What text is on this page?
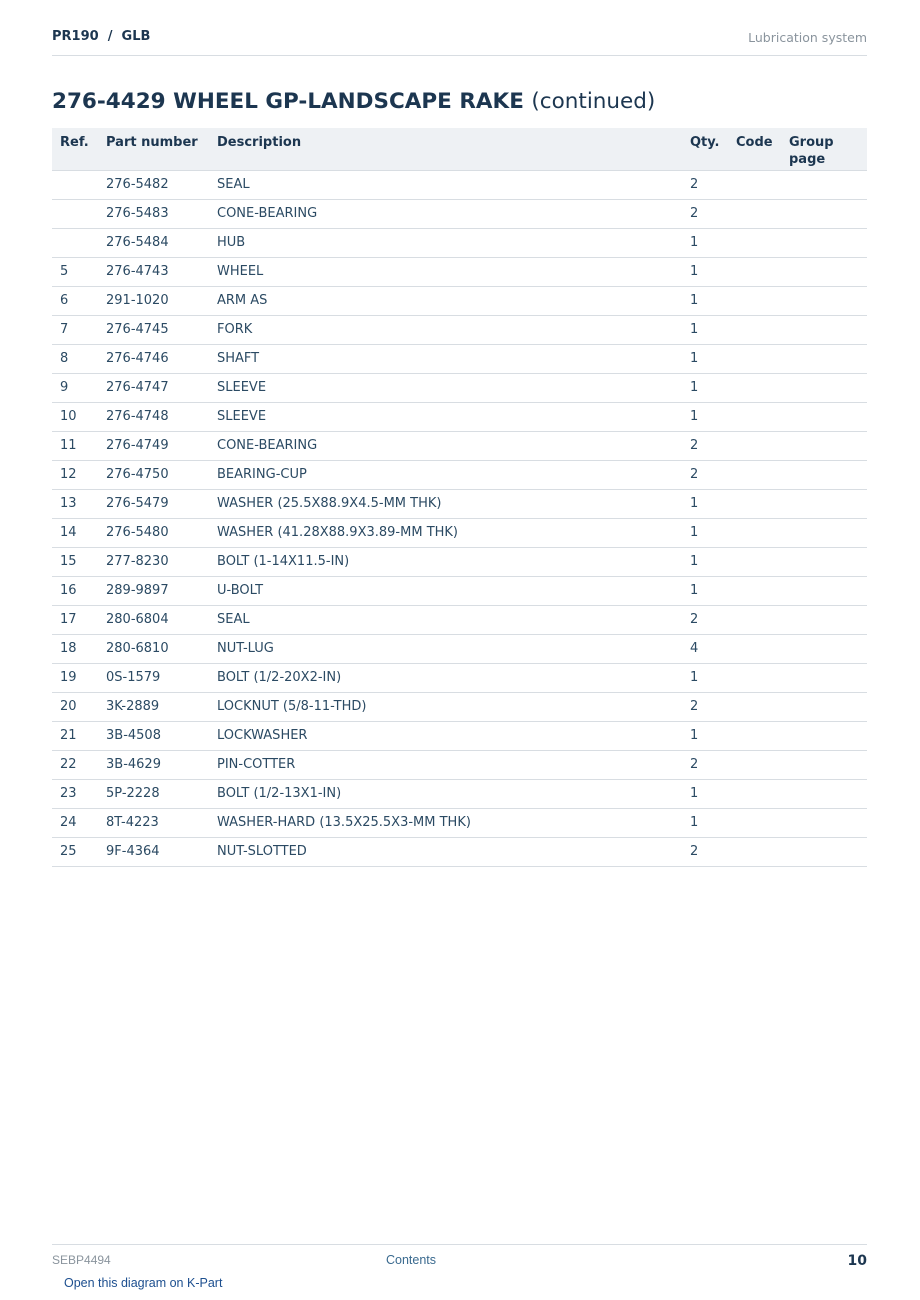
PR190  /  GLB	Lubrication system
276-4429 WHEEL GP-LANDSCAPE RAKE (continued)
Ref.	Part number	Description	Qty.	Code	Group page
	276-5482	SEAL	2		
	276-5483	CONE-BEARING	2		
	276-5484	HUB	1		
5	276-4743	WHEEL	1		
6	291-1020	ARM AS	1		
7	276-4745	FORK	1		
8	276-4746	SHAFT	1		
9	276-4747	SLEEVE	1		
10	276-4748	SLEEVE	1		
11	276-4749	CONE-BEARING	2		
12	276-4750	BEARING-CUP	2		
13	276-5479	WASHER (25.5X88.9X4.5-MM THK)	1		
14	276-5480	WASHER (41.28X88.9X3.89-MM THK)	1		
15	277-8230	BOLT (1-14X11.5-IN)	1		
16	289-9897	U-BOLT	1		
17	280-6804	SEAL	2		
18	280-6810	NUT-LUG	4		
19	0S-1579	BOLT (1/2-20X2-IN)	1		
20	3K-2889	LOCKNUT (5/8-11-THD)	2		
21	3B-4508	LOCKWASHER	1		
22	3B-4629	PIN-COTTER	2		
23	5P-2228	BOLT (1/2-13X1-IN)	1		
24	8T-4223	WASHER-HARD (13.5X25.5X3-MM THK)	1		
25	9F-4364	NUT-SLOTTED	2		
SEBP4494	Contents	10
Open this diagram on K-Part
